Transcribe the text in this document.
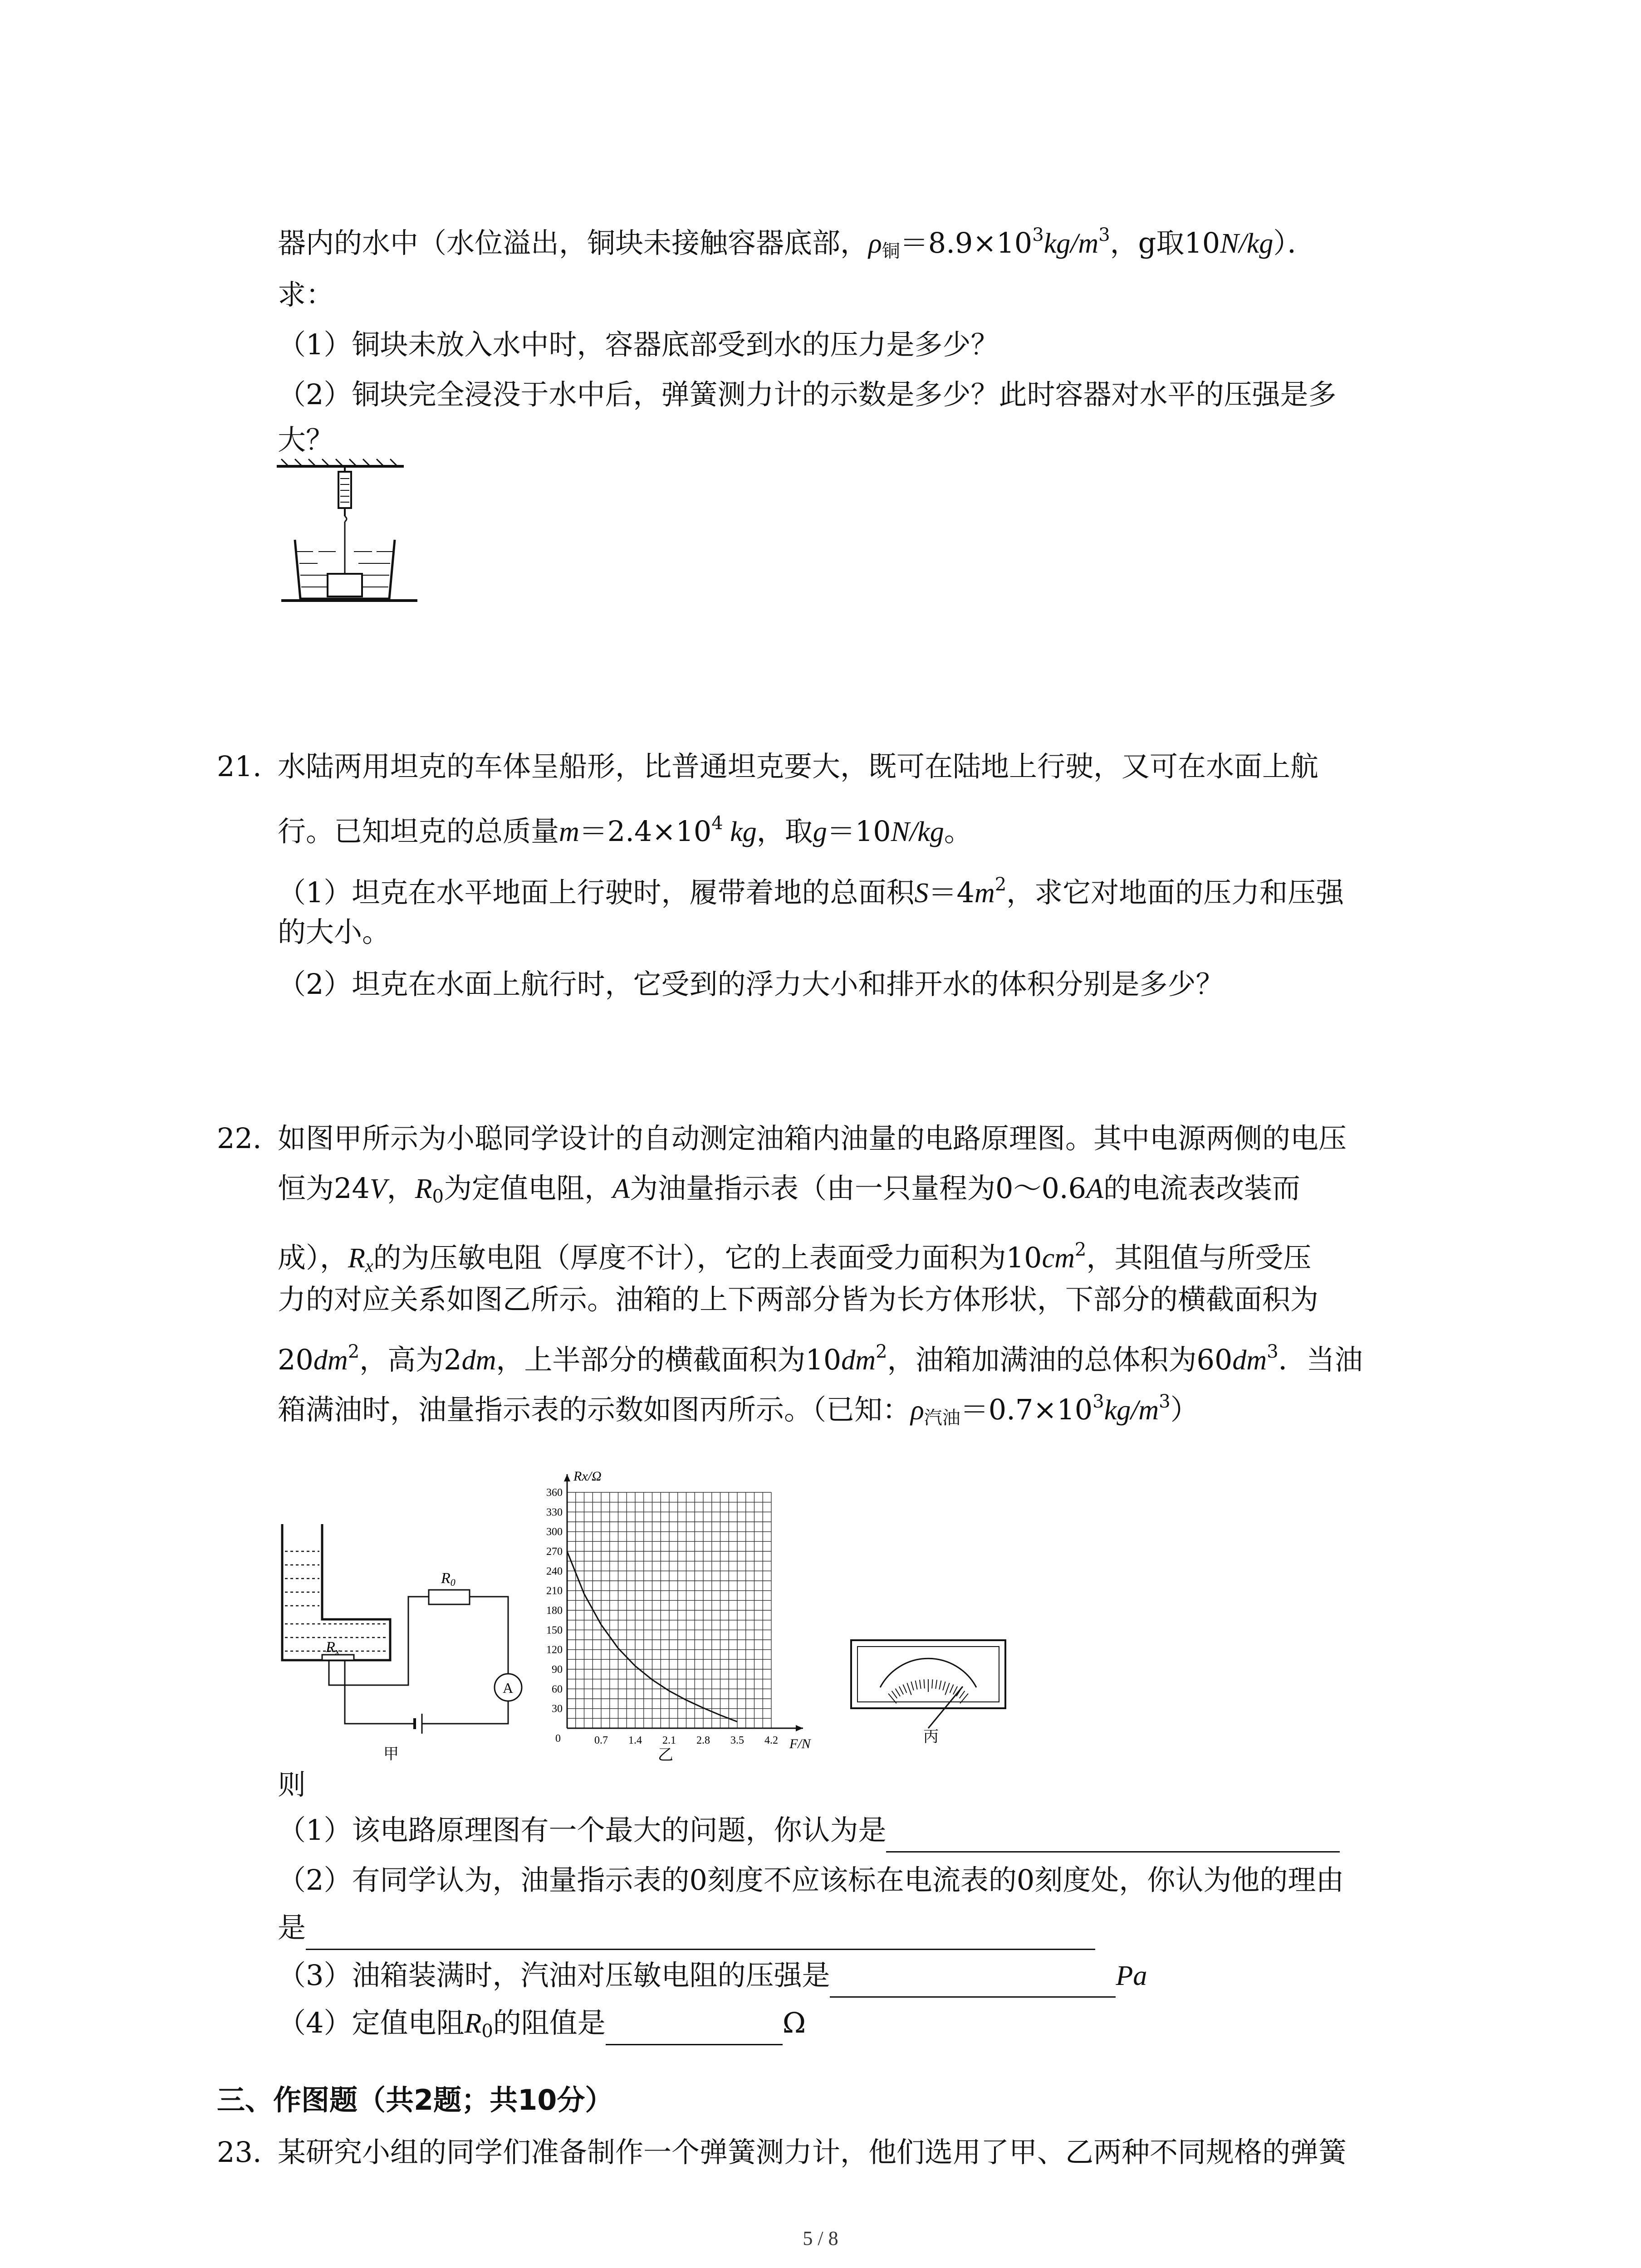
器内的水中（水位溢出，铜块未接触容器底部，$\rho_铜=8.9\times 10^3kg/m^3$，g取10N/kg）．
求：
（1）铜块未放入水中时，容器底部受到水的压力是多少？
（2）铜块完全浸没于水中后，弹簧测力计的示数是多少？此时容器对水平的压强是多
大？
21. 水陆两用坦克的车体呈船形，比普通坦克要大，既可在陆地上行驶，又可在水面上航
行。已知坦克的总质量$m=2.4\times 10^4$ kg，取g＝10N/kg。
（1）坦克在水平地面上行驶时，履带着地的总面积$S=4m^2$，求它对地面的压力和压强
的大小。
（2）坦克在水面上航行时，它受到的浮力大小和排开水的体积分别是多少？
22. 如图甲所示为小聪同学设计的自动测定油箱内油量的电路原理图。其中电源两侧的电压
恒为24V，$R_0$为定值电阻，A为油量指示表（由一只量程为0～0.6A的电流表改装而
成），$R_x$的为压敏电阻（厚度不计），它的上表面受力面积为$10cm^2$，其阻值与所受压
力的对应关系如图乙所示。油箱的上下两部分皆为长方体形状，下部分的横截面积为
$20dm^2$，高为2dm，上半部分的横截面积为$10dm^2$，油箱加满油的总体积为$60dm^3$．当油
箱满油时，油量指示表的示数如图丙所示。（已知：$\rho_{汽油}=0.7\times 10^3kg/m^3$）
Rx
R0
A
甲
30
60
90
120
150
180
210
240
270
300
330
360
0.7 1.4 2.1 2.8 3.5 4.2
0	F/N
Rx/Ω
乙
丙
则
（1）该电路原理图有一个最大的问题，你认为是
（2）有同学认为，油量指示表的0刻度不应该标在电流表的0刻度处，你认为他的理由
是
（3）油箱装满时，汽油对压敏电阻的压强是	Pa
（4）定值电阻$R_0$的阻值是	Ω
三、作图题（共2题；共10分）
23. 某研究小组的同学们准备制作一个弹簧测力计，他们选用了甲、乙两种不同规格的弹簧
5 / 8
